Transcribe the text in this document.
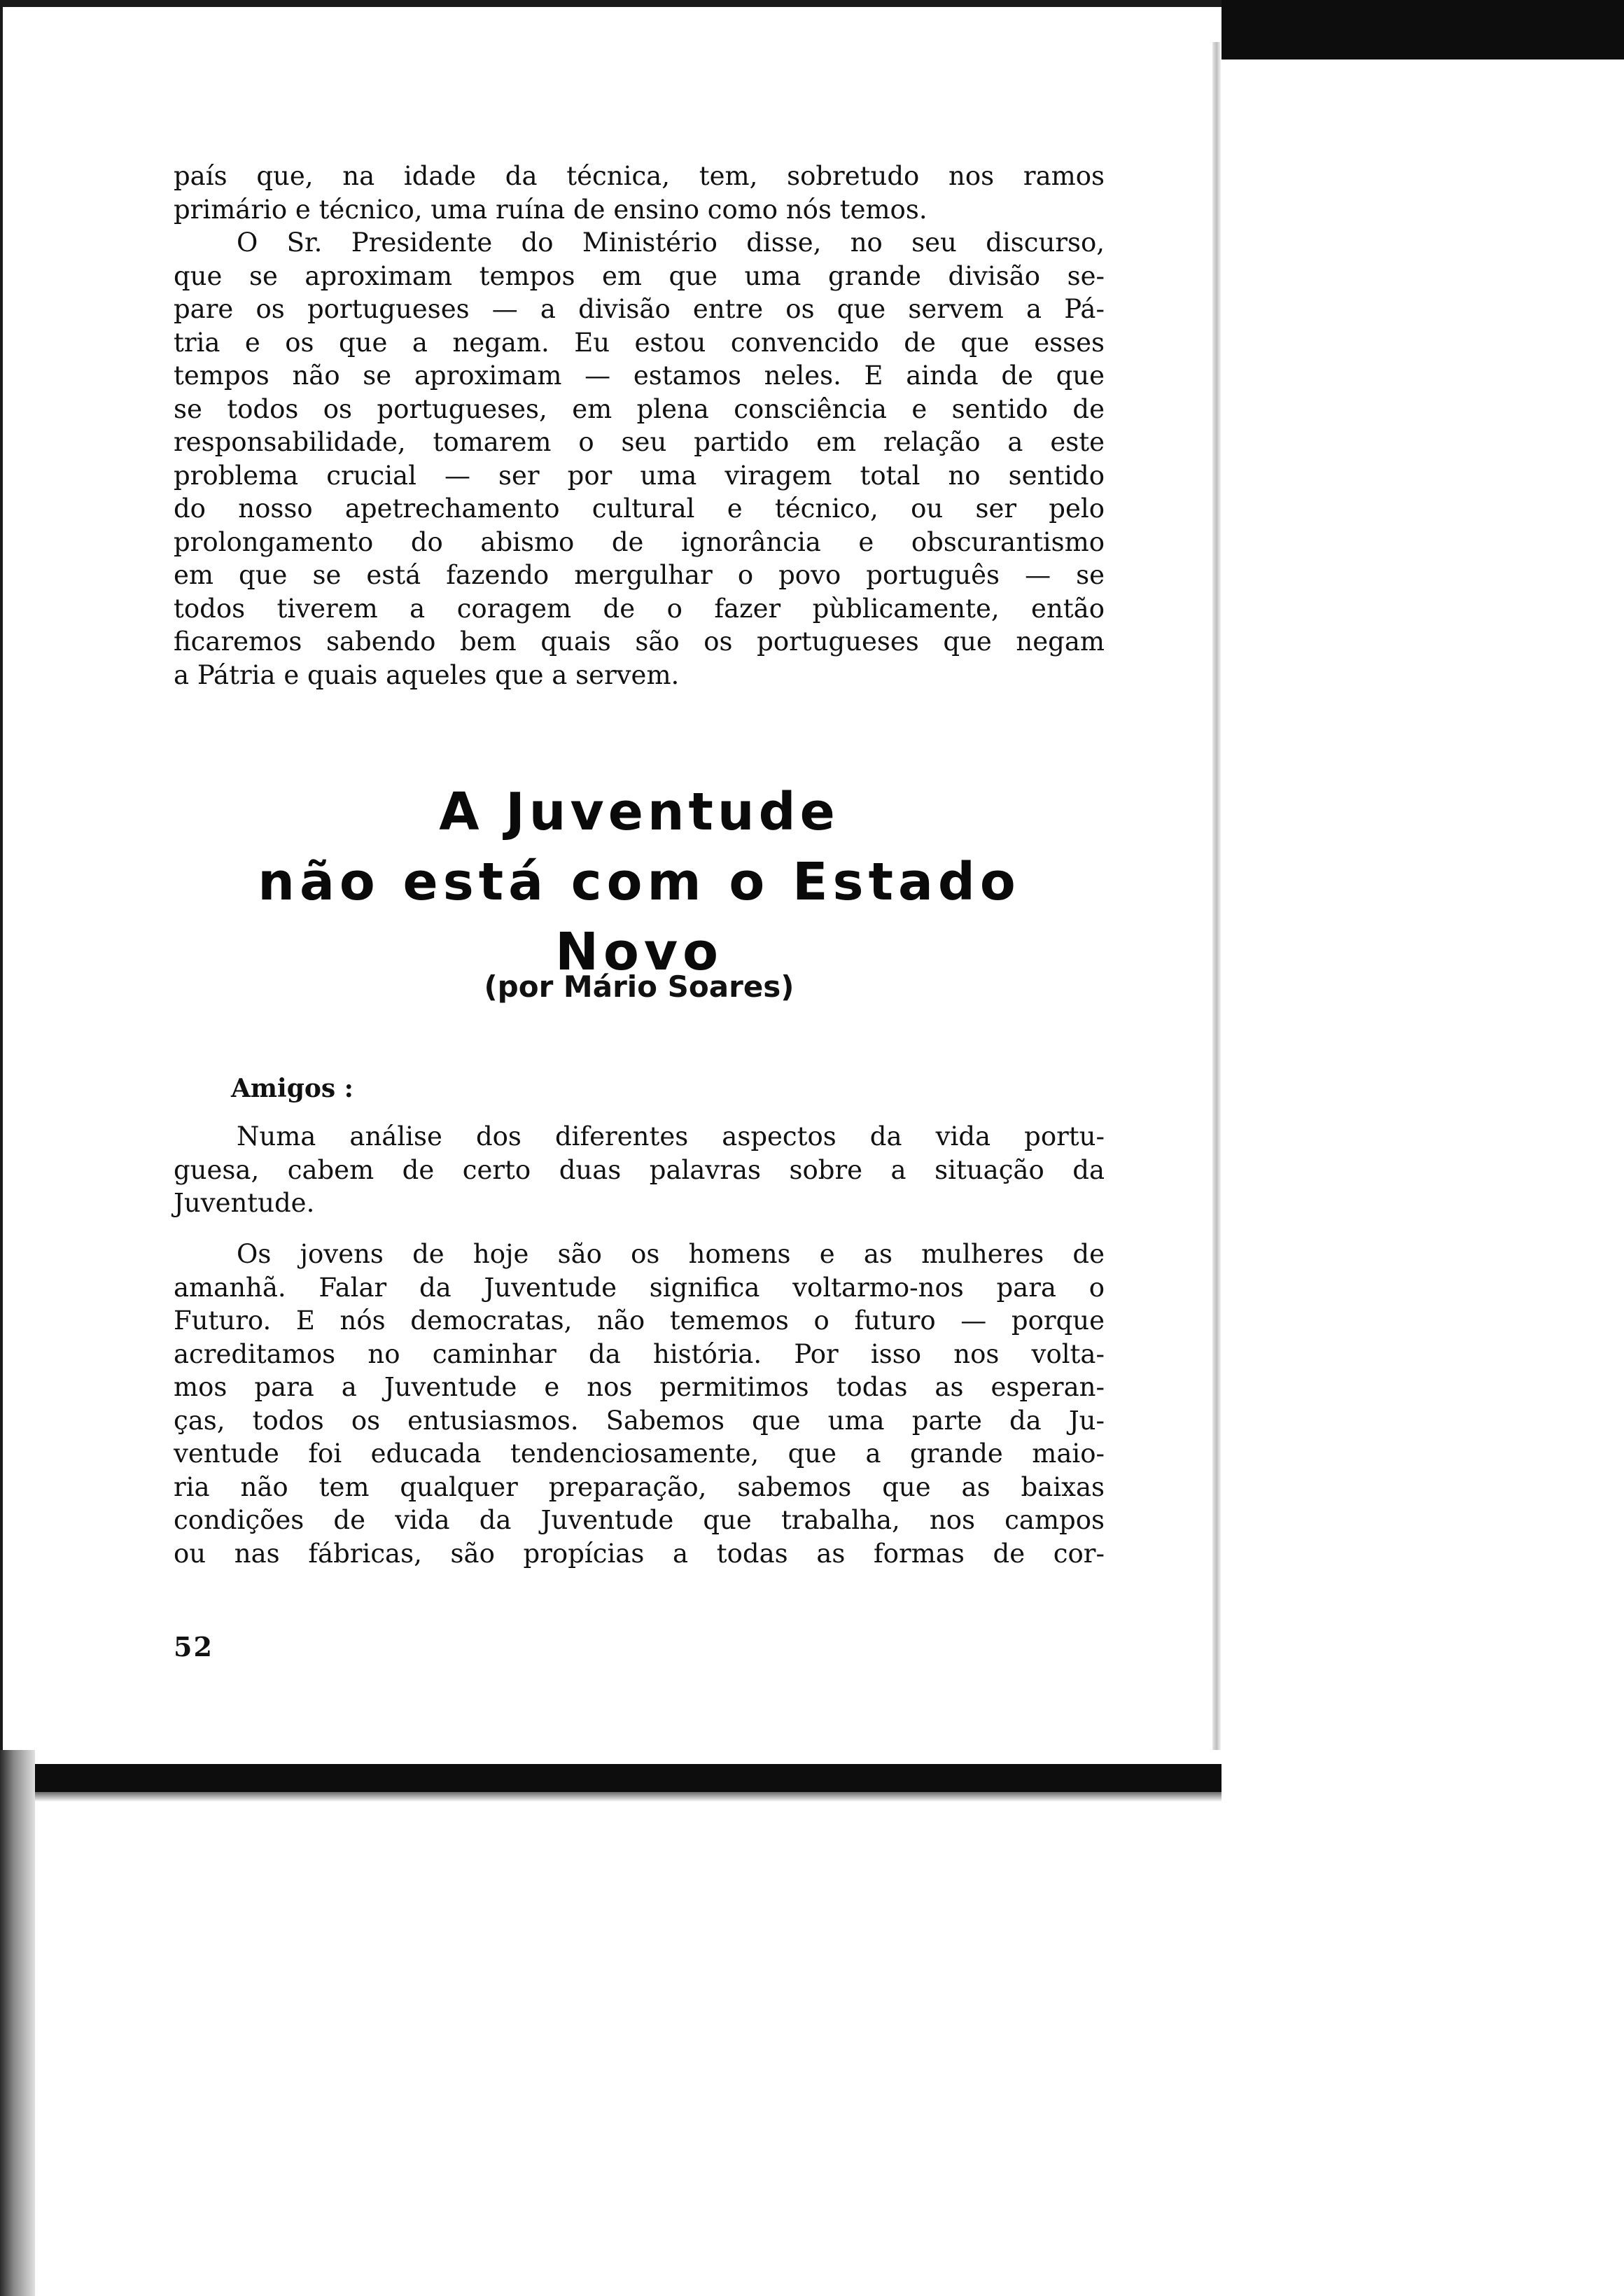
país que, na idade da técnica, tem, sobretudo nos ramos
primário e técnico, uma ruína de ensino como nós temos.
O Sr. Presidente do Ministério disse, no seu discurso,
que se aproximam tempos em que uma grande divisão se-
pare os portugueses — a divisão entre os que servem a Pá-
tria e os que a negam. Eu estou convencido de que esses
tempos não se aproximam — estamos neles. E ainda de que
se todos os portugueses, em plena consciência e sentido de
responsabilidade, tomarem o seu partido em relação a este
problema crucial — ser por uma viragem total no sentido
do nosso apetrechamento cultural e técnico, ou ser pelo
prolongamento do abismo de ignorância e obscurantismo
em que se está fazendo mergulhar o povo português — se
todos tiverem a coragem de o fazer pùblicamente, então
ficaremos sabendo bem quais são os portugueses que negam
a Pátria e quais aqueles que a servem.
A Juventude
não está com o Estado Novo
(por Mário Soares)
Amigos :
Numa análise dos diferentes aspectos da vida portu-
guesa, cabem de certo duas palavras sobre a situação da
Juventude.
Os jovens de hoje são os homens e as mulheres de
amanhã. Falar da Juventude significa voltarmo-nos para o
Futuro. E nós democratas, não tememos o futuro — porque
acreditamos no caminhar da história. Por isso nos volta-
mos para a Juventude e nos permitimos todas as esperan-
ças, todos os entusiasmos. Sabemos que uma parte da Ju-
ventude foi educada tendenciosamente, que a grande maio-
ria não tem qualquer preparação, sabemos que as baixas
condições de vida da Juventude que trabalha, nos campos
ou nas fábricas, são propícias a todas as formas de cor-
52
